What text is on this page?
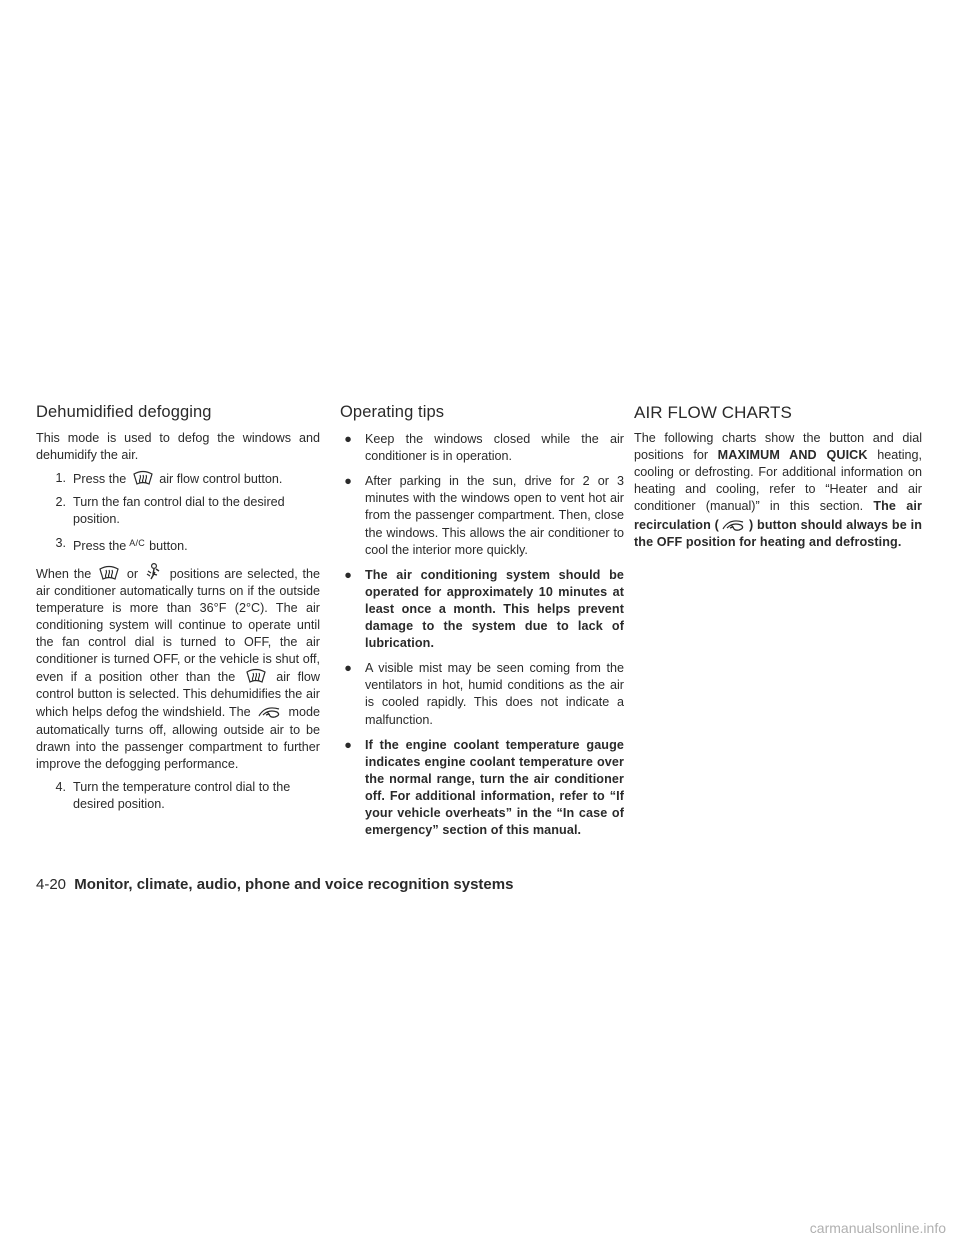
Dehumidified defogging

This mode is used to defog the windows and dehumidify the air.

1. Press the	air flow control button.
2. Turn the fan control dial to the desired position.
3. Press the $^{A/C}$ button.

When the	or	positions are selected, the air conditioner automatically turns on if the outside temperature is more than 36°F (2°C). The air conditioning system will continue to operate until the fan control dial is turned to OFF, the air conditioner is turned OFF, or the vehicle is shut off, even if a position other than the	air flow control button is selected. This dehumidifies the air which helps defog the windshield. The	mode automatically turns off, allowing outside air to be drawn into the passenger compartment to further improve the defogging performance.

4. Turn the temperature control dial to the desired position.
Operating tips
●	Keep the windows closed while the air conditioner is in operation.
●	After parking in the sun, drive for 2 or 3 minutes with the windows open to vent hot air from the passenger compartment. Then, close the windows. This allows the air conditioner to cool the interior more quickly.
●	The air conditioning system should be operated for approximately 10 minutes at least once a month. This helps prevent damage to the system due to lack of lubrication.
●	A visible mist may be seen coming from the ventilators in hot, humid conditions as the air is cooled rapidly. This does not indicate a malfunction.
●	If the engine coolant temperature gauge indicates engine coolant temperature over the normal range, turn the air conditioner off. For additional information, refer to “If your vehicle overheats” in the “In case of emergency” section of this manual.
AIR FLOW CHARTS

The following charts show the button and dial positions for MAXIMUM AND QUICK heating, cooling or defrosting. For additional information on heating and cooling, refer to “Heater and air conditioner (manual)” in this section. The air recirculation ( ) button should always be in the OFF position for heating and defrosting.

4-20 Monitor, climate, audio, phone and voice recognition systems
carmanualsonline.info
